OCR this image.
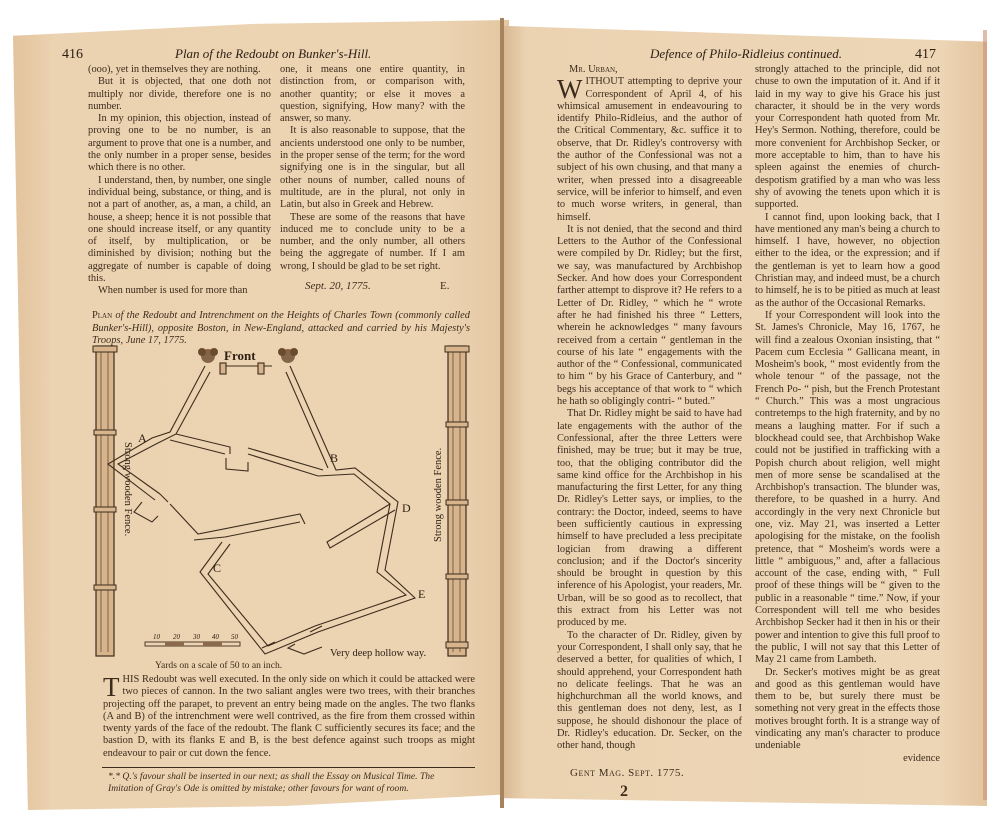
416	Plan of the Redoubt on Bunker's-Hill.

(ooo), yet in themselves they are nothing.

But it is objected, that one doth not multiply nor divide, therefore one is no number.

In my opinion, this objection, instead of proving one to be no number, is an argument to prove that one is a number, and the only number in a proper sense, besides which there is no other.

I understand, then, by number, one single individual being, substance, or thing, and is not a part of another, as, a man, a child, an house, a sheep; hence it is not possible that one should increase itself, or any quantity of itself, by multiplication, or be diminished by division; nothing but the aggregate of number is capable of doing this.

When number is used for more than

one, it means one entire quantity, in distinction from, or comparison with, another quantity; or else it moves a question, signifying, How many? with the answer, so many.

It is also reasonable to suppose, that the ancients understood one only to be number, in the proper sense of the term; for the word signifying one is in the singular, but all other nouns of number, called nouns of multitude, are in the plural, not only in Latin, but also in Greek and Hebrew.

These are some of the reasons that have induced me to conclude unity to be a number, and the only number, all others being the aggregate of number. If I am wrong, I should be glad to be set right.

Sept. 20, 1775.	E.
Plan of the Redoubt and Intrenchment on the Heights of Charles Town (commonly called Bunker's-Hill), opposite Boston, in New-England, attacked and carried by his Majesty's Troops, June 17, 1775.
Strong wooden Fence.	Strong wooden Fence.
Front
A
B
C
D
E
Very deep hollow way.
10 20 30 40 50
Yards on a scale of 50 to an inch.
T HIS Redoubt was well executed. In the only side on which it could be attacked were two pieces of cannon. In the two saliant angles were two trees, with their branches projecting off the parapet, to prevent an entry being made on the angles. The two flanks (A and B) of the intrenchment were well contrived, as the fire from them crossed within twenty yards of the face of the redoubt. The flank C sufficiently secures its face; and the bastion D, with its flanks E and B, is the best defence against such troops as might endeavour to pair or cut down the fence.
*.* Q.'s favour shall be inserted in our next; as shall the Essay on Musical Time. The
Imitation of Gray's Ode is omitted by mistake; other favours for want of room.
Defence of Philo-Ridleius continued.	417

Mr. Urban,

WITHOUT attempting to deprive your Correspondent of April 4, of his whimsical amusement in endeavouring to identify Philo-Ridleius, and the author of the Critical Commentary, &c. suffice it to observe, that Dr. Ridley's controversy with the author of the Confessional was not a subject of his own chusing, and that many a writer, when pressed into a disagreeable service, will be inferior to himself, and even to much worse writers, in general, than himself.

It is not denied, that the second and third Letters to the Author of the Confessional were compiled by Dr. Ridley; but the first, we say, was manufactured by Archbishop Secker. And how does your Correspondent farther attempt to disprove it? He refers to a Letter of Dr. Ridley, “ which he “ wrote after he had finished his three “ Letters, wherein he acknowledges “ many favours received from a certain “ gentleman in the course of his late “ engagements with the author of the “ Confessional, communicated to him “ by his Grace of Canterbury, and “ begs his acceptance of that work to “ which he hath so obligingly contri- “ buted.”

That Dr. Ridley might be said to have had late engagements with the author of the Confessional, after the three Letters were finished, may be true; but it may be true, too, that the obliging contributor did the same kind office for the Archbishop in his manufacturing the first Letter, for any thing Dr. Ridley's Letter says, or implies, to the contrary: the Doctor, indeed, seems to have been sufficiently cautious in expressing himself to have precluded a less precipitate logician from drawing a different conclusion; and if the Doctor's sincerity should be brought in question by this inference of his Apologist, your readers, Mr. Urban, will be so good as to recollect, that this extract from his Letter was not produced by me.

To the character of Dr. Ridley, given by your Correspondent, I shall only say, that he deserved a better, for qualities of which, I should apprehend, your Correspondent hath no delicate feelings. That he was an highchurchman all the world knows, and this gentleman does not deny, lest, as I suppose, he should dishonour the place of Dr. Ridley's education. Dr. Secker, on the other hand, though

Gent Mag. Sept. 1775.
2

strongly attached to the principle, did not chuse to own the imputation of it. And if it laid in my way to give his Grace his just character, it should be in the very words your Correspondent hath quoted from Mr. Hey's Sermon. Nothing, therefore, could be more convenient for Archbishop Secker, or more acceptable to him, than to have his spleen against the enemies of church-despotism gratified by a man who was less shy of avowing the tenets upon which it is supported.

I cannot find, upon looking back, that I have mentioned any man's being a church to himself. I have, however, no objection either to the idea, or the expression; and if the gentleman is yet to learn how a good Christian may, and indeed must, be a church to himself, he is to be pitied as much at least as the author of the Occasional Remarks.

If your Correspondent will look into the St. James's Chronicle, May 16, 1767, he will find a zealous Oxonian insisting, that “ Pacem cum Ecclesia “ Gallicana meant, in Mosheim's book, “ most evidently from the whole tenour “ of the passage, not the French Po- “ pish, but the French Protestant “ Church.” This was a most ungracious contretemps to the high fraternity, and by no means a laughing matter. For if such a blockhead could see, that Archbishop Wake could not be justified in trafficking with a Popish church about religion, well might men of more sense be scandalised at the Archbishop's transaction. The blunder was, therefore, to be quashed in a hurry. And accordingly in the very next Chronicle but one, viz. May 21, was inserted a Letter apologising for the mistake, on the foolish pretence, that “ Mosheim's words were a little “ ambiguous,” and, after a fallacious account of the case, ending with, “ Full proof of these things will be “ given to the public in a reasonable “ time.” Now, if your Correspondent will tell me who besides Archbishop Secker had it then in his or their power and intention to give this full proof to the public, I will not say that this Letter of May 21 came from Lambeth.

Dr. Secker's motives might be as great and good as this gentleman would have them to be, but surely there must be something not very great in the effects those motives brought forth. It is a strange way of vindicating any man's character to produce undeniable

evidence
